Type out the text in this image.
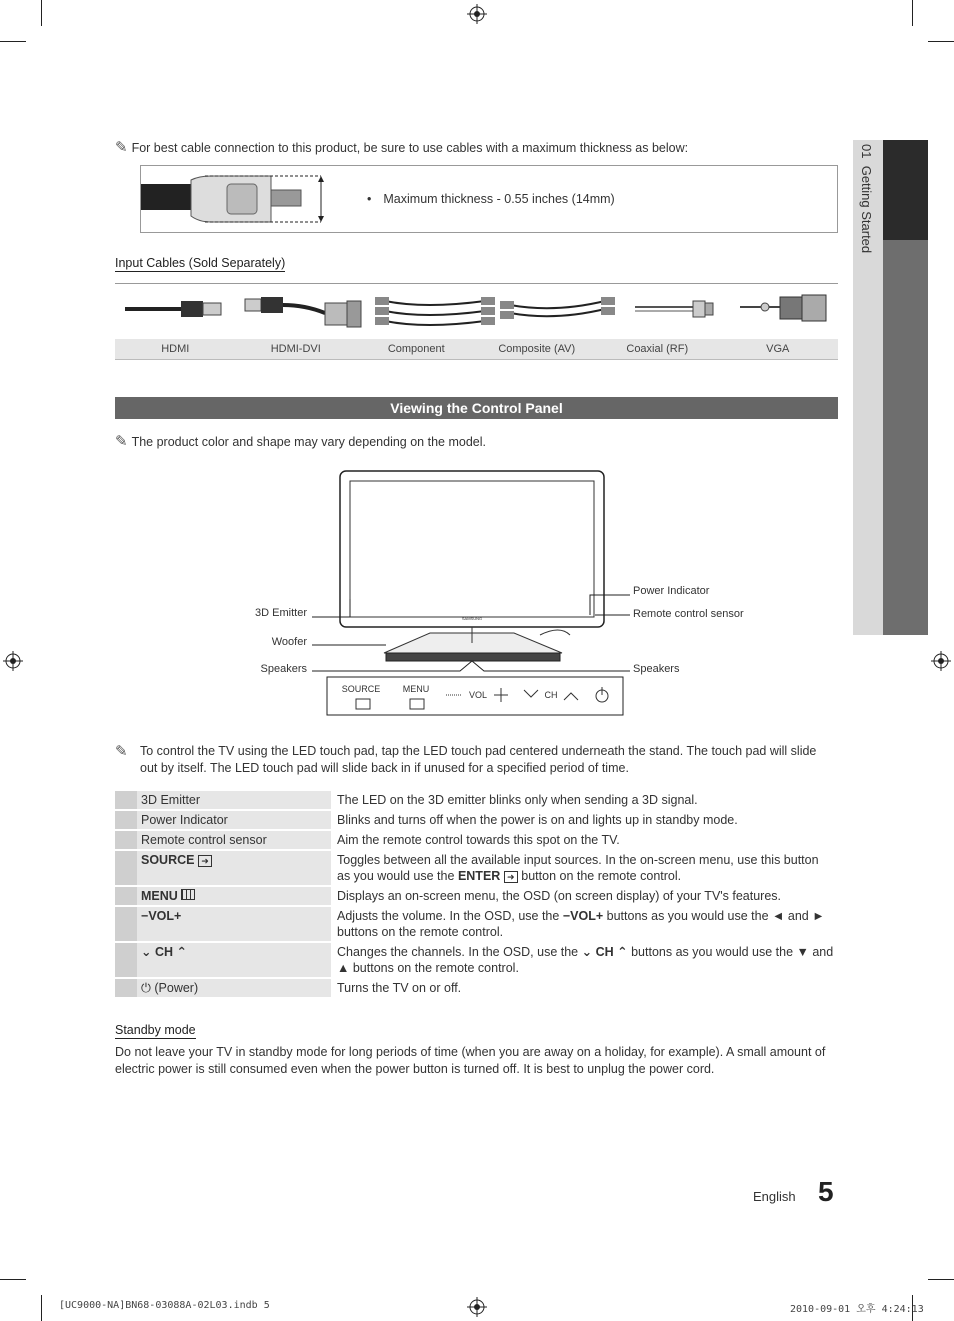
01  Getting Started
✎ For best cable connection to this product, be sure to use cables with a maximum thickness as below:
• Maximum thickness - 0.55 inches (14mm)
Input Cables (Sold Separately)
HDMI	HDMI-DVI	Component	Composite (AV)	Coaxial (RF)	VGA
Viewing the Control Panel
✎ The product color and shape may vary depending on the model.
SAMSUNG
SOURCE MENU
VOL	CH
3D Emitter
Woofer
Speakers
Power Indicator
Remote control sensor
Speakers
✎ To control the TV using the LED touch pad, tap the LED touch pad centered underneath the stand. The touch pad will slide out by itself. The LED touch pad will slide back in if unused for a specified period of time.
	3D Emitter	The LED on the 3D emitter blinks only when sending a 3D signal.
	Power Indicator	Blinks and turns off when the power is on and lights up in standby mode.
	Remote control sensor	Aim the remote control towards this spot on the TV.
	SOURCE ➜	Toggles between all the available input sources. In the on-screen menu, use this button as you would use the ENTER ➜ button on the remote control.
	MENU	Displays an on-screen menu, the OSD (on screen display) of your TV's features.
	−VOL+	Adjusts the volume. In the OSD, use the −VOL+ buttons as you would use the ◄ and ► buttons on the remote control.
	⌄ CH ⌃	Changes the channels. In the OSD, use the ⌄ CH ⌃ buttons as you would use the ▼ and ▲ buttons on the remote control.
	⏻ (Power)	Turns the TV on or off.
Standby mode
Do not leave your TV in standby mode for long periods of time (when you are away on a holiday, for example). A small amount of electric power is still consumed even when the power button is turned off. It is best to unplug the power cord.
English 5
[UC9000-NA]BN68-03088A-02L03.indb 5	2010-09-01 오후 4:24:13
